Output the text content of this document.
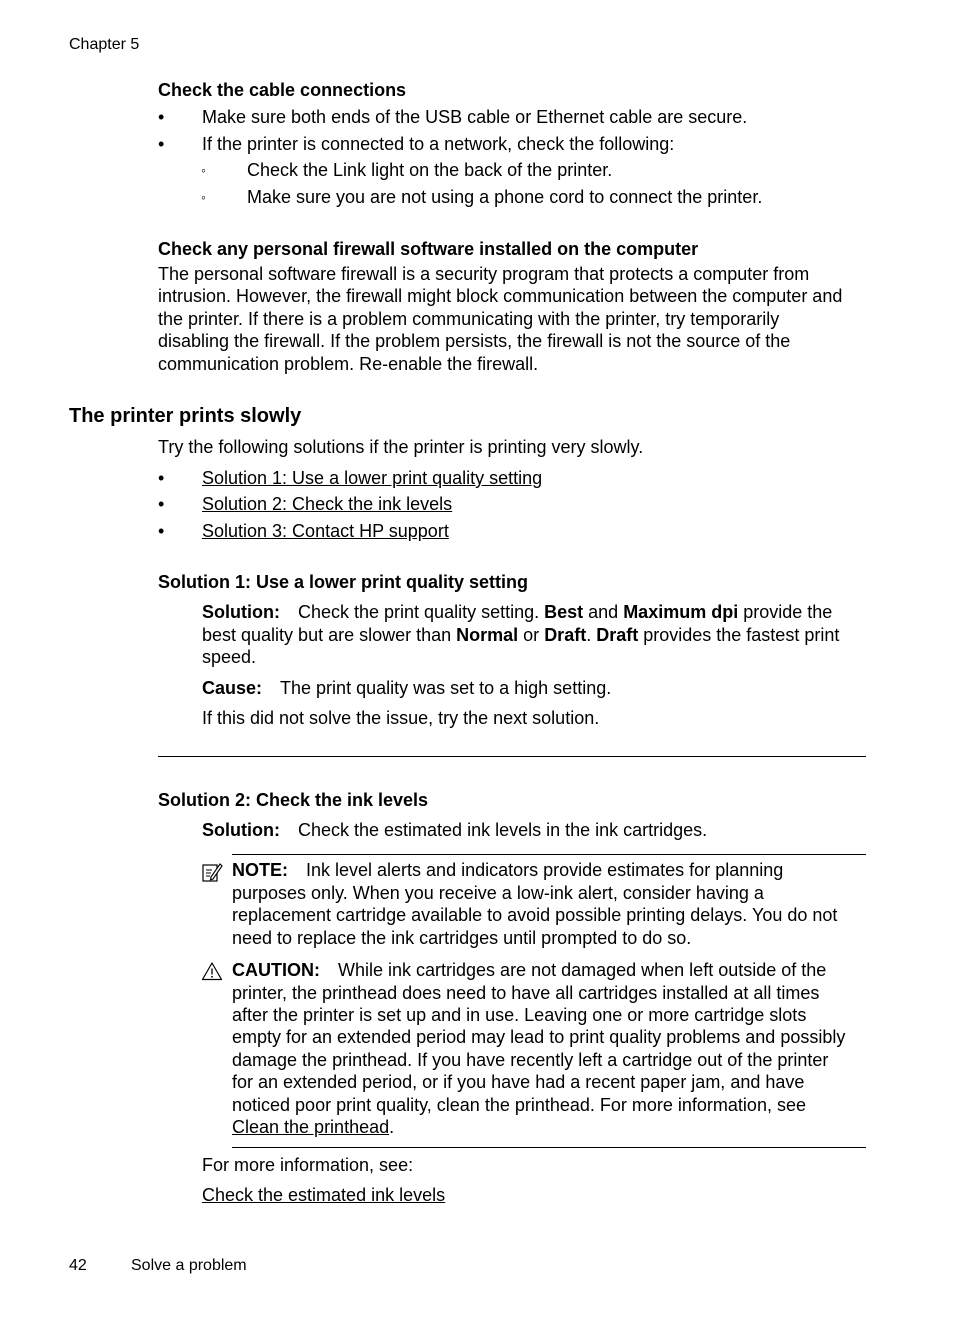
Chapter 5
Check the cable connections
• Make sure both ends of the USB cable or Ethernet cable are secure.
• If the printer is connected to a network, check the following:
◦ Check the Link light on the back of the printer.
◦ Make sure you are not using a phone cord to connect the printer.
Check any personal firewall software installed on the computer
The personal software firewall is a security program that protects a computer from
intrusion. However, the firewall might block communication between the computer and
the printer. If there is a problem communicating with the printer, try temporarily
disabling the firewall. If the problem persists, the firewall is not the source of the
communication problem. Re-enable the firewall.
The printer prints slowly
Try the following solutions if the printer is printing very slowly.
• Solution 1: Use a lower print quality setting
• Solution 2: Check the ink levels
• Solution 3: Contact HP support
Solution 1: Use a lower print quality setting
Solution: Check the print quality setting. Best and Maximum dpi provide the
best quality but are slower than Normal or Draft. Draft provides the fastest print
speed.
Cause: The print quality was set to a high setting.
If this did not solve the issue, try the next solution.
Solution 2: Check the ink levels
Solution: Check the estimated ink levels in the ink cartridges.
NOTE: Ink level alerts and indicators provide estimates for planning
purposes only. When you receive a low-ink alert, consider having a
replacement cartridge available to avoid possible printing delays. You do not
need to replace the ink cartridges until prompted to do so.
CAUTION: While ink cartridges are not damaged when left outside of the
printer, the printhead does need to have all cartridges installed at all times
after the printer is set up and in use. Leaving one or more cartridge slots
empty for an extended period may lead to print quality problems and possibly
damage the printhead. If you have recently left a cartridge out of the printer
for an extended period, or if you have had a recent paper jam, and have
noticed poor print quality, clean the printhead. For more information, see
Clean the printhead.
For more information, see:
Check the estimated ink levels
42	Solve a problem
